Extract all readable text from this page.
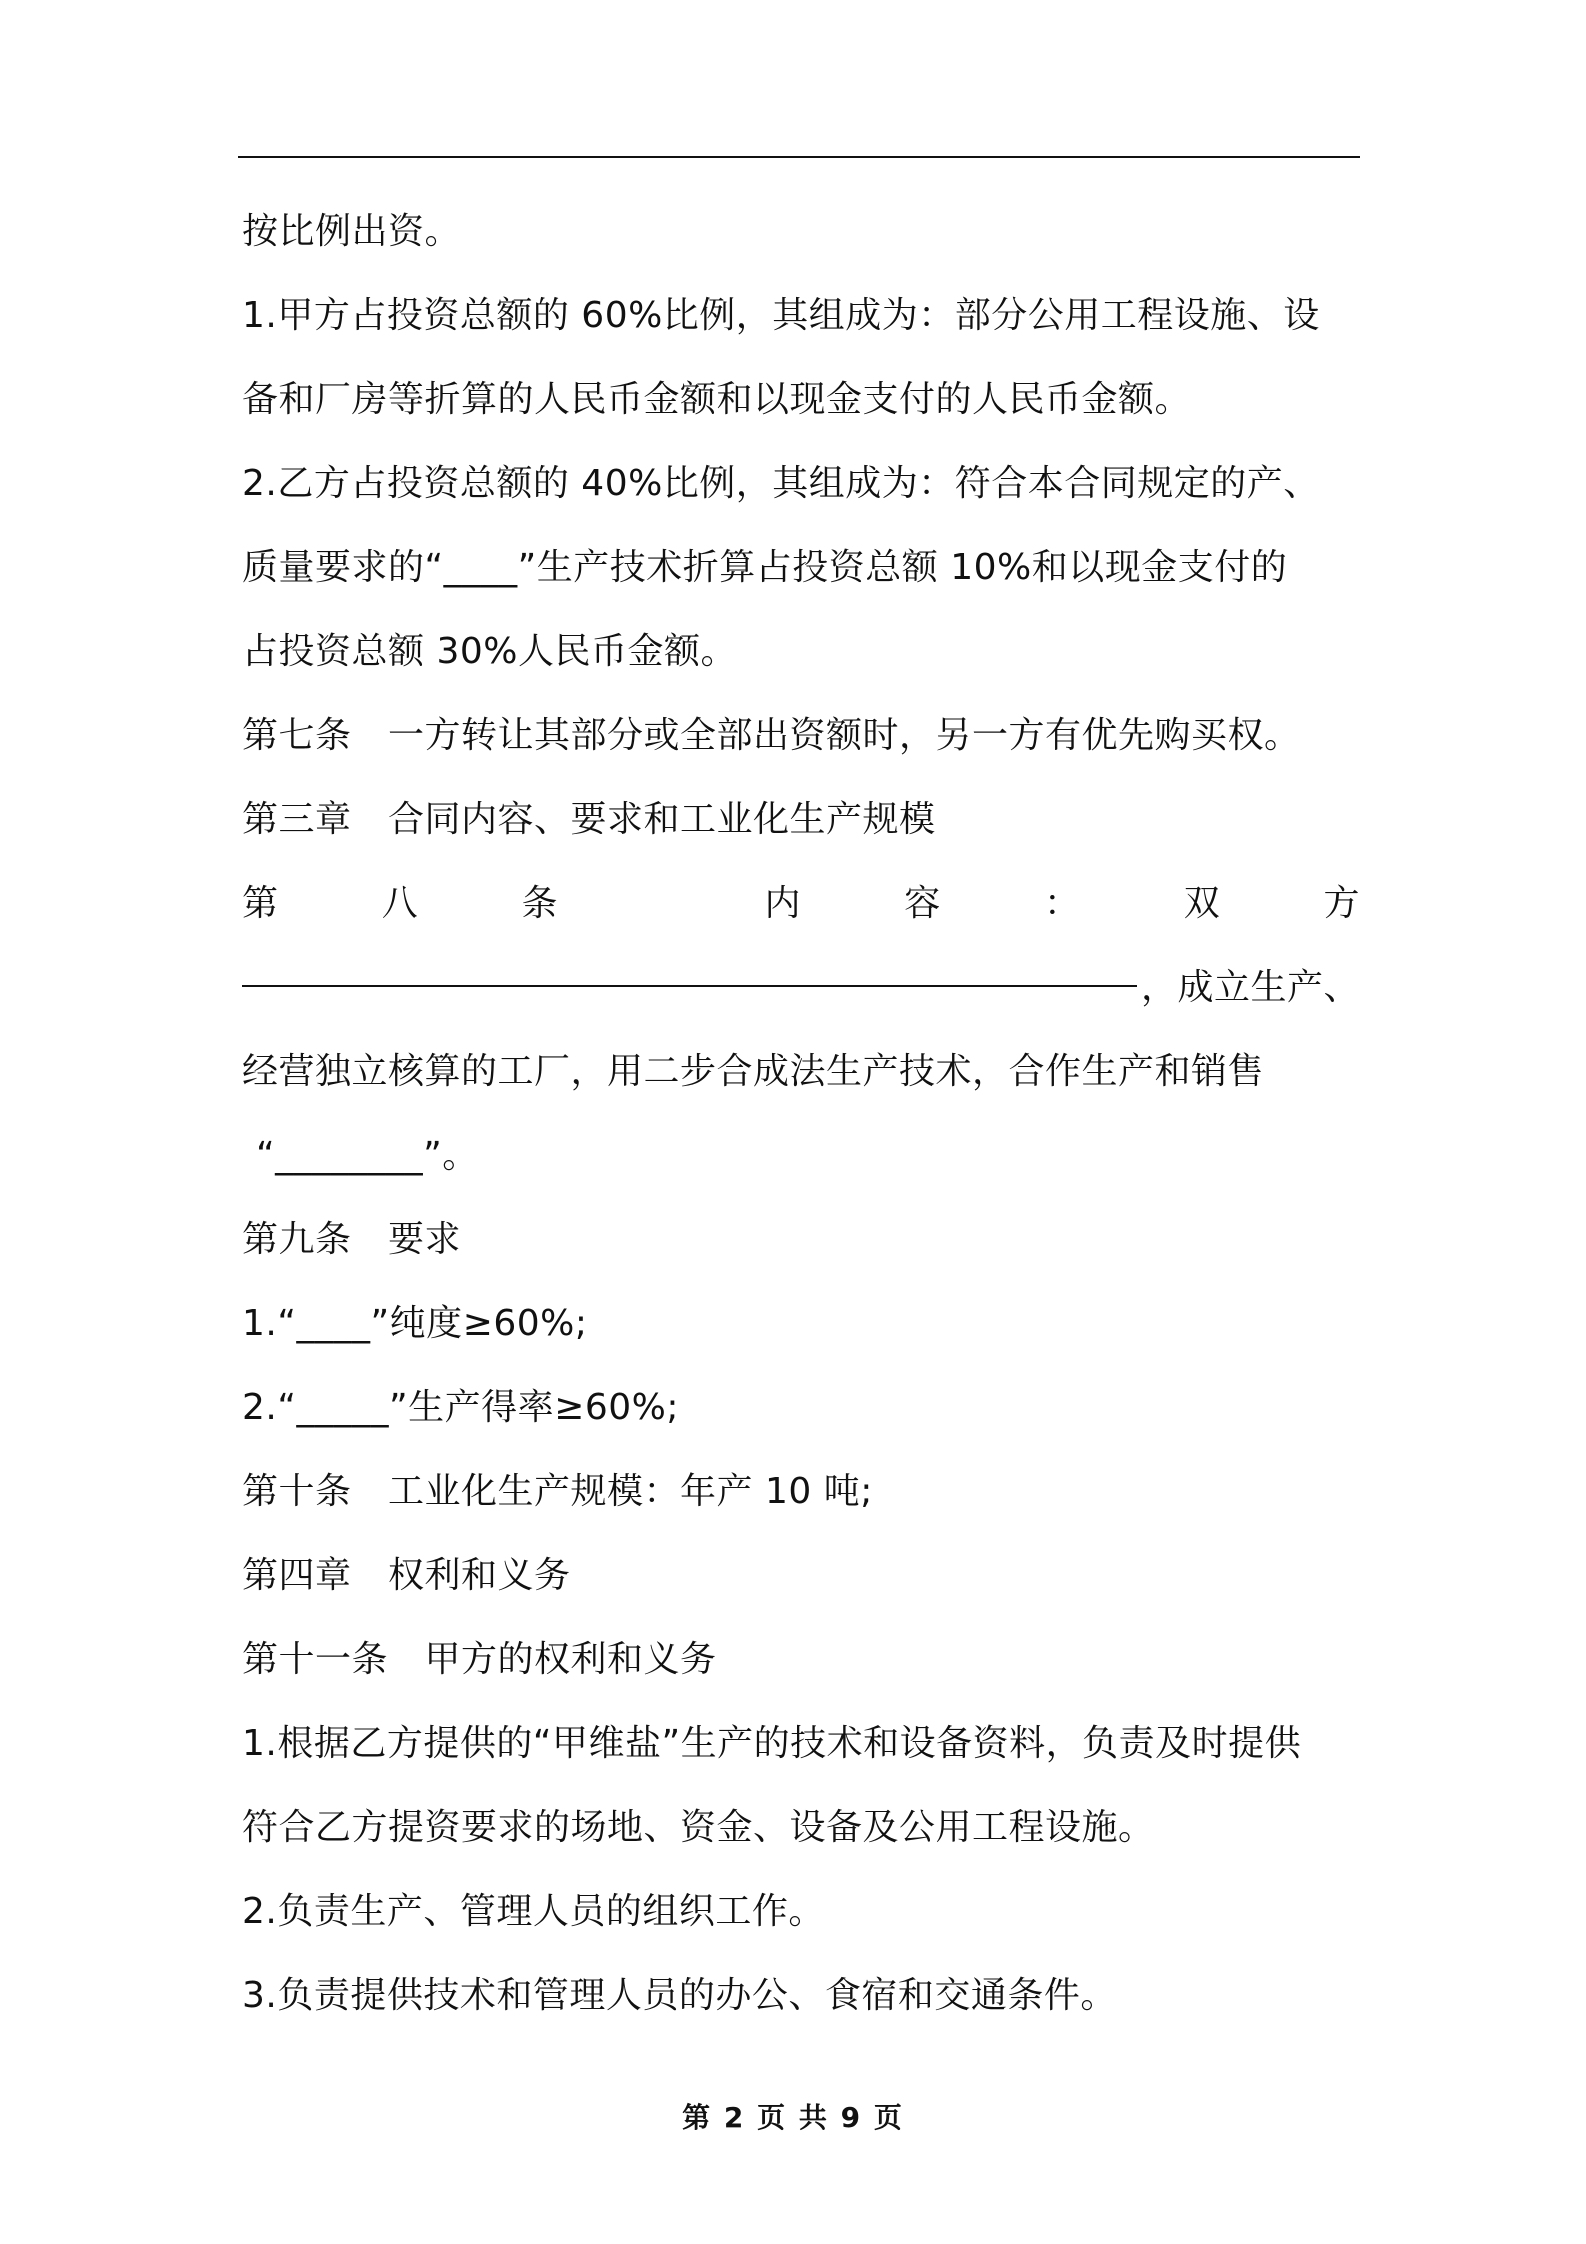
按比例出资。
1.甲方占投资总额的 60%比例，其组成为：部分公用工程设施、设
备和厂房等折算的人民币金额和以现金支付的人民币金额。
2.乙方占投资总额的 40%比例，其组成为：符合本合同规定的产、
质量要求的“____”生产技术折算占投资总额 10%和以现金支付的
占投资总额 30%人民币金额。
第七条　一方转让其部分或全部出资额时，另一方有优先购买权。
第三章　合同内容、要求和工业化生产规模
第	八	条	内	容	：	双	方
，成立生产、
经营独立核算的工厂，用二步合成法生产技术，合作生产和销售
“________”。
第九条　要求
1.“____”纯度≥60%;
2.“_____”生产得率≥60%;
第十条　工业化生产规模：年产 10 吨;
第四章　权利和义务
第十一条　甲方的权利和义务
1.根据乙方提供的“甲维盐”生产的技术和设备资料，负责及时提供
符合乙方提资要求的场地、资金、设备及公用工程设施。
2.负责生产、管理人员的组织工作。
3.负责提供技术和管理人员的办公、食宿和交通条件。
第 2 页 共 9 页
